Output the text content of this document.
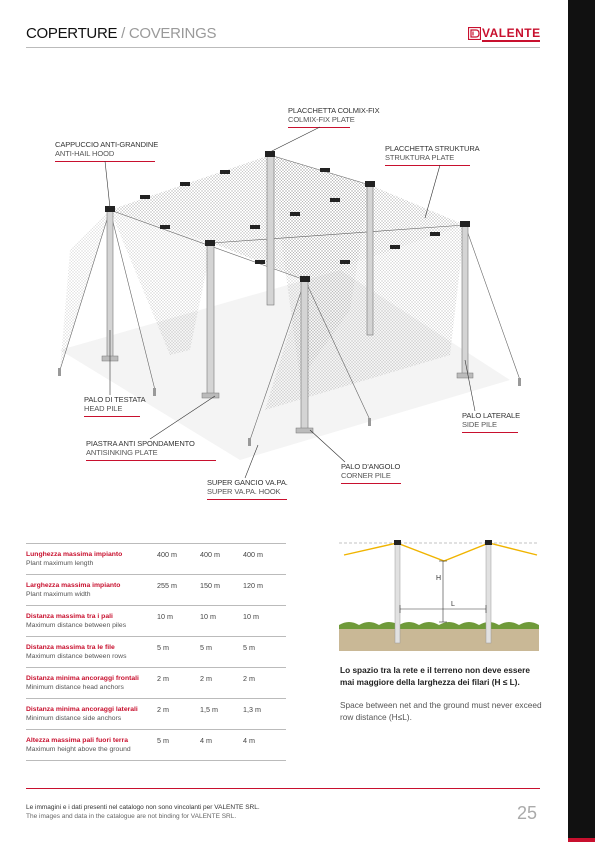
COPERTURE / COVERINGS	VALENTE
PLACCHETTA COLMIX-FIX
COLMIX-FIX PLATE
CAPPUCCIO ANTI-GRANDINE
ANTI-HAIL HOOD
PLACCHETTA STRUKTURA
STRUKTURA PLATE
PALO DI TESTATA
HEAD PILE
PALO LATERALE
SIDE PILE
PIASTRA ANTI SPONDAMENTO
ANTISINKING PLATE
PALO D'ANGOLO
CORNER PILE
SUPER GANCIO VA.PA.
SUPER VA.PA. HOOK
Lunghezza massima impianto
Plant maximum length	400 m	400 m	400 m

Larghezza massima impianto
Plant maximum width	255 m	150 m	120 m

Distanza massima tra i pali
Maximum distance between piles	10 m	10 m	10 m

Distanza massima tra le file
Maximum distance between rows	5 m	5 m	5 m

Distanza minima ancoraggi frontali
Minimum distance head anchors	2 m	2 m	2 m

Distanza minima ancoraggi laterali
Minimum distance side anchors	2 m	1,5 m	1,3 m

Altezza massima pali fuori terra
Maximum height above the ground	5 m	4 m	4 m
H
L
Lo spazio tra la rete e il terreno non deve essere mai maggiore della larghezza dei filari (H ≤ L).
Space between net and the ground must never exceed row distance (H≤L).
Le immagini e i dati presenti nel catalogo non sono vincolanti per VALENTE SRL.
The images and data in the catalogue are not binding for VALENTE SRL.	25
